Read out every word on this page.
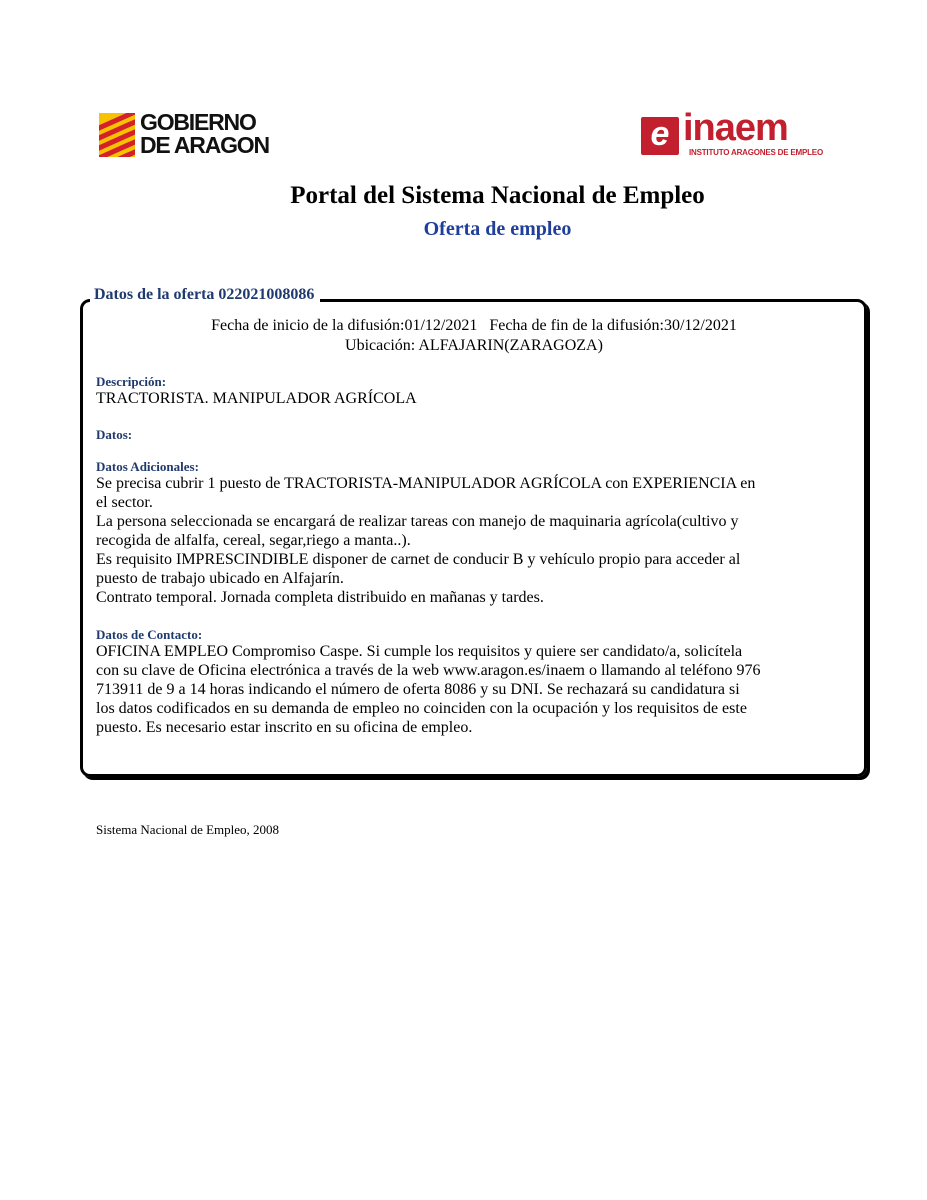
GOBIERNO
DE ARAGON	e inaem
INSTITUTO ARAGONES DE EMPLEO
Portal del Sistema Nacional de Empleo
Oferta de empleo
Datos de la oferta 022021008086
Fecha de inicio de la difusión:01/12/2021   Fecha de fin de la difusión:30/12/2021
Ubicación: ALFAJARIN(ZARAGOZA)
Descripción:
TRACTORISTA. MANIPULADOR AGRÍCOLA
Datos:
Datos Adicionales:
Se precisa cubrir 1 puesto de TRACTORISTA-MANIPULADOR AGRÍCOLA con EXPERIENCIA en
el sector.
La persona seleccionada se encargará de realizar tareas con manejo de maquinaria agrícola(cultivo y
recogida de alfalfa, cereal, segar,riego a manta..).
Es requisito IMPRESCINDIBLE disponer de carnet de conducir B y vehículo propio para acceder al
puesto de trabajo ubicado en Alfajarín.
Contrato temporal. Jornada completa distribuido en mañanas y tardes.
Datos de Contacto:
OFICINA EMPLEO Compromiso Caspe. Si cumple los requisitos y quiere ser candidato/a, solicítela
con su clave de Oficina electrónica a través de la web www.aragon.es/inaem o llamando al teléfono 976
713911 de 9 a 14 horas indicando el número de oferta 8086 y su DNI. Se rechazará su candidatura si
los datos codificados en su demanda de empleo no coinciden con la ocupación y los requisitos de este
puesto. Es necesario estar inscrito en su oficina de empleo.
Sistema Nacional de Empleo, 2008
